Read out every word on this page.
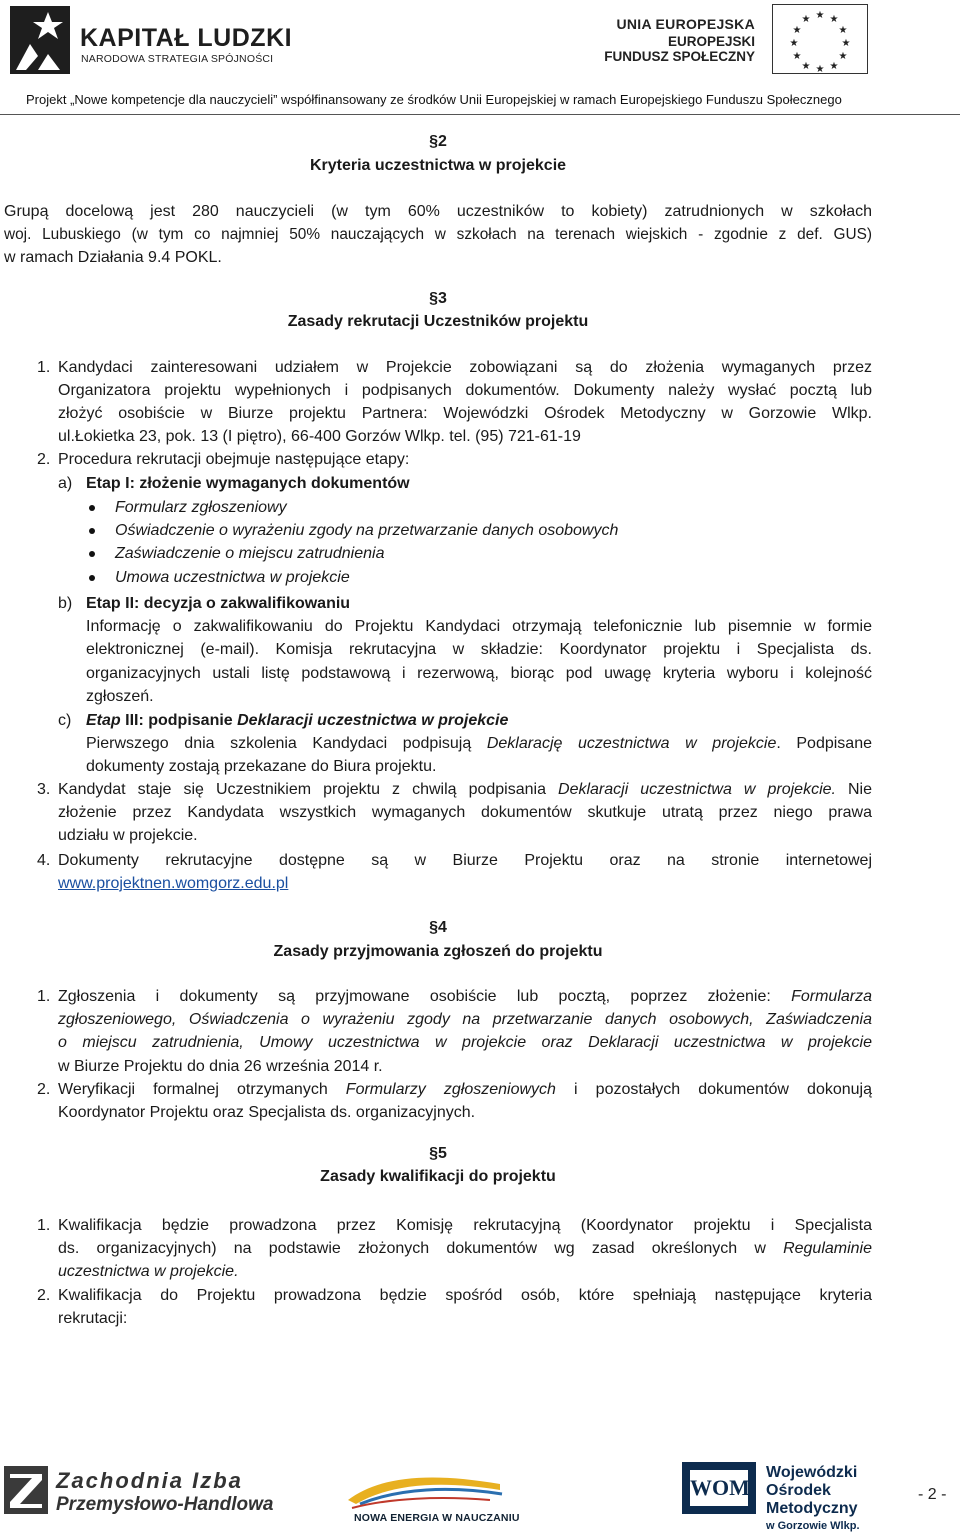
KAPITAŁ LUDZKI
NARODOWA STRATEGIA SPÓJNOŚCI
UNIA EUROPEJSKA
EUROPEJSKI
FUNDUSZ SPOŁECZNY
★ ★
★
★
★
★
★
★
★
★
★
★
Projekt „Nowe kompetencje dla nauczycieli” współfinansowany ze środków Unii Europejskiej w ramach Europejskiego Funduszu Społecznego
§2
Kryteria uczestnictwa w projekcie
Grupą docelową jest 280 nauczycieli (w tym 60% uczestników to kobiety) zatrudnionych w szkołach
woj. Lubuskiego (w tym co najmniej 50% nauczających w szkołach na terenach wiejskich - zgodnie z def. GUS)
w ramach Działania 9.4 POKL.
§3
Zasady rekrutacji Uczestników projektu
1. Kandydaci zainteresowani udziałem w Projekcie zobowiązani są do złożenia wymaganych przez
Organizatora projektu wypełnionych i podpisanych dokumentów. Dokumenty należy wysłać pocztą lub
złożyć osobiście w Biurze projektu Partnera: Wojewódzki Ośrodek Metodyczny w Gorzowie Wlkp.
ul.Łokietka 23, pok. 13 (I piętro), 66-400 Gorzów Wlkp. tel. (95) 721-61-19
2. Procedura rekrutacji obejmuje następujące etapy:
a) Etap I: złożenie wymaganych dokumentów
Formularz zgłoszeniowy
Oświadczenie o wyrażeniu zgody na przetwarzanie danych osobowych
Zaświadczenie o miejscu zatrudnienia
Umowa uczestnictwa w projekcie
b) Etap II: decyzja o zakwalifikowaniu
Informację o zakwalifikowaniu do Projektu Kandydaci otrzymają telefonicznie lub pisemnie w formie
elektronicznej (e-mail). Komisja rekrutacyjna w składzie: Koordynator projektu i Specjalista ds.
organizacyjnych ustali listę podstawową i rezerwową, biorąc pod uwagę kryteria wyboru i kolejność
zgłoszeń.
c) Etap III: podpisanie Deklaracji uczestnictwa w projekcie
Pierwszego dnia szkolenia Kandydaci podpisują Deklarację uczestnictwa w projekcie. Podpisane
dokumenty zostają przekazane do Biura projektu.
3. Kandydat staje się Uczestnikiem projektu z chwilą podpisania Deklaracji uczestnictwa w projekcie. Nie
złożenie przez Kandydata wszystkich wymaganych dokumentów skutkuje utratą przez niego prawa
udziału w projekcie.
4. Dokumenty rekrutacyjne dostępne są w Biurze Projektu oraz na stronie internetowej
www.projektnen.womgorz.edu.pl
§4
Zasady przyjmowania zgłoszeń do projektu
1. Zgłoszenia i dokumenty są przyjmowane osobiście lub pocztą, poprzez złożenie: Formularza
zgłoszeniowego, Oświadczenia o wyrażeniu zgody na przetwarzanie danych osobowych, Zaświadczenia
o miejscu zatrudnienia, Umowy uczestnictwa w projekcie oraz Deklaracji uczestnictwa w projekcie
w Biurze Projektu do dnia 26 września 2014 r.
2. Weryfikacji formalnej otrzymanych Formularzy zgłoszeniowych i pozostałych dokumentów dokonują
Koordynator Projektu oraz Specjalista ds. organizacyjnych.
§5
Zasady kwalifikacji do projektu
1. Kwalifikacja będzie prowadzona przez Komisję rekrutacyjną (Koordynator projektu i Specjalista
ds. organizacyjnych) na podstawie złożonych dokumentów wg zasad określonych w Regulaminie
uczestnictwa w projekcie.
2. Kwalifikacja do Projektu prowadzona będzie spośród osób, które spełniają następujące kryteria
rekrutacji:
Zachodnia Izba
Przemysłowo-Handlowa
NOWA ENERGIA W NAUCZANIU
WOM
Wojewódzki
Ośrodek
Metodyczny
w Gorzowie Wlkp.
- 2 -
